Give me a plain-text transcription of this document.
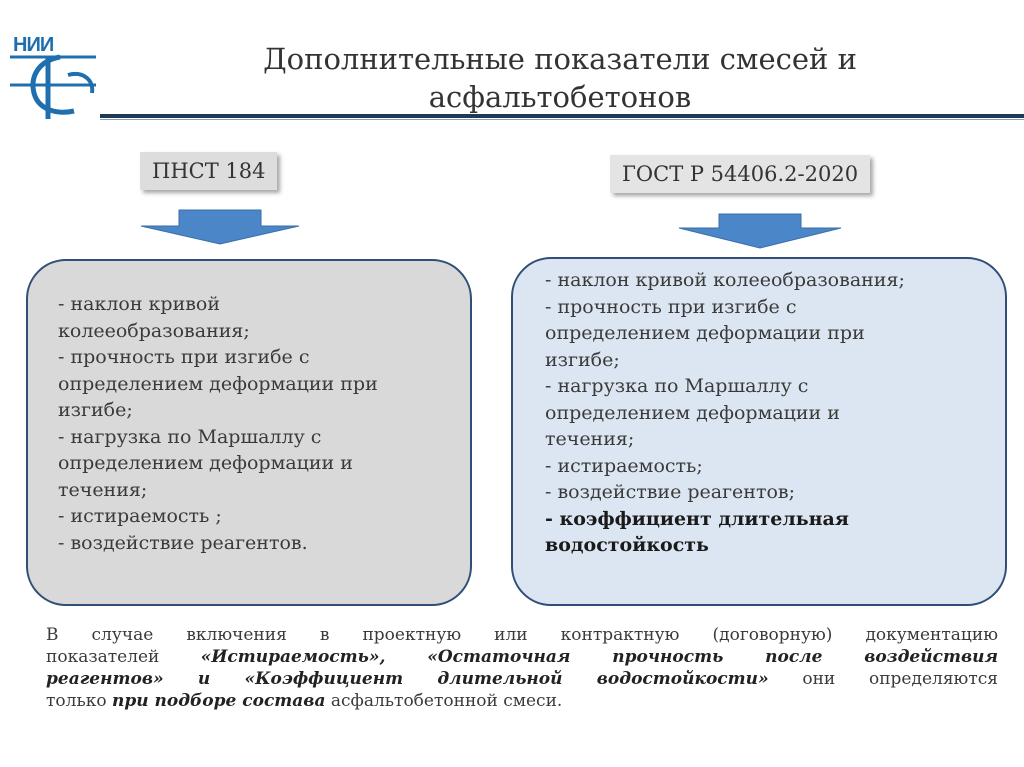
НИИ	Дополнительные показатели смесей и
асфальтобетонов
ПНСТ 184	ГОСТ Р 54406.2-2020
- наклон кривой
колееобразования;
- прочность при изгибе с
определением деформации при
изгибе;
- нагрузка по Маршаллу с
определением деформации и
течения;
- истираемость ;
- воздействие реагентов.
- наклон кривой колееобразования;
- прочность при изгибе с
определением деформации при
изгибе;
- нагрузка по Маршаллу с
определением деформации и
течения;
- истираемость;
- воздействие реагентов;
- коэффициент длительная
водостойкость
В случае включения в проектную или контрактную (договорную) документацию
показателей «Истираемость», «Остаточная прочность после воздействия
реагентов» и «Коэффициент длительной водостойкости» они определяются
только при подборе состава асфальтобетонной смеси.
